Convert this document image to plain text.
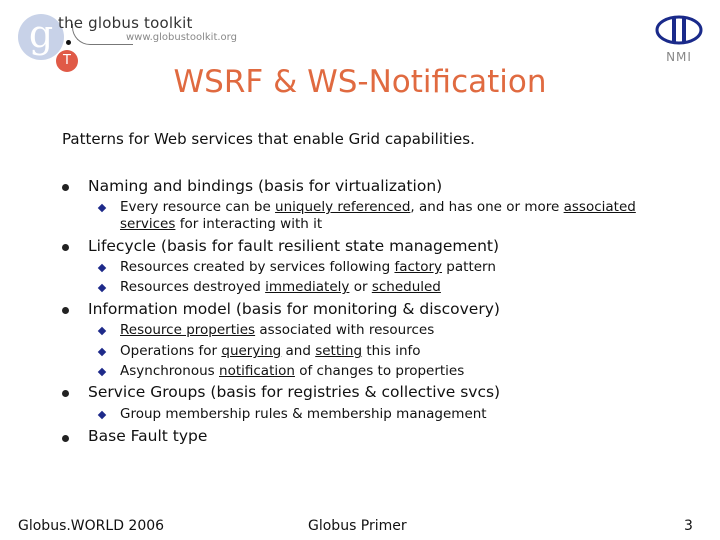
g
T
the globus toolkit
www.globustoolkit.org
NMI
WSRF & WS-Notification
Patterns for Web services that enable Grid capabilities.
Naming and bindings (basis for virtualization)
Every resource can be uniquely referenced, and has one or more associated
services for interacting with it
Lifecycle (basis for fault resilient state management)
Resources created by services following factory pattern
Resources destroyed immediately or scheduled
Information model (basis for monitoring & discovery)
Resource properties associated with resources
Operations for querying and setting this info
Asynchronous notification of changes to properties
Service Groups (basis for registries & collective svcs)
Group membership rules & membership management
Base Fault type
Globus.WORLD 2006	Globus Primer	3
